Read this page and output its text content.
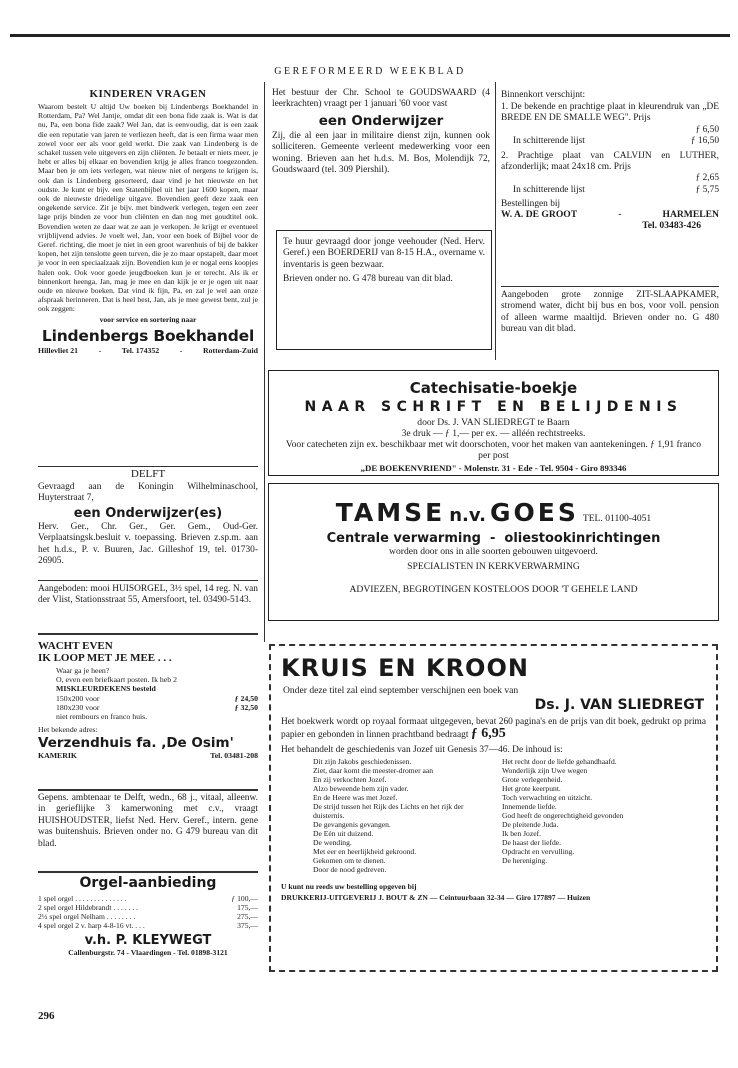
GEREFORMEERD WEEKBLAD
KINDEREN VRAGEN

Waarom bestelt U altijd Uw boeken bij Lindenbergs Boekhandel in Rotterdam, Pa? Wel Jantje, omdat dit een bona fide zaak is. Wat is dat nu, Pa, een bona fide zaak? Wel Jan, dat is eenvoudig, dat is een zaak die een reputatie van jaren te verliezen heeft, dat is een firma waar men zowel voor eer als voor geld werkt. Die zaak van Lindenberg is de schakel tussen vele uitgevers en zijn cliënten. Je betaalt er niets meer, je hebt er alles bij elkaar en bovendien krijg je alles franco toegezonden. Maar ben je om iets verlegen, wat nieuw niet of nergens te krijgen is, ook dan is Lindenberg gesorteerd, daar vind je het nieuwste en het oudste. Je kunt er bijv. een Statenbijbel uit het jaar 1600 kopen, maar ook de nieuwste driedelige uitgave. Bovendien geeft deze zaak een ongekende service. Zit je bijv. met bindwerk verlegen, tegen een zeer lage prijs binden ze voor hun cliënten en dan nog met goudtitel ook. Bovendien weten ze daar wat ze aan je verkopen. Je krijgt er eventueel vrijblijvend advies. Je voelt wel, Jan, voor een boek of Bijbel voor de Geref. richting, die moet je niet in een groot warenhuis of bij de bakker kopen, het zijn tenslotte geen turven, die je zo maar opstapelt, daar moet je voor in een speciaalzaak zijn. Bovendien kun je er nogal eens koopjes halen ook. Ook voor goede jeugdboeken kun je er terecht. Als ik er binnenkort heenga, Jan, mag je mee en dan kijk je er je ogen uit naar oude en nieuwe boeken. Dat vind ik fijn, Pa, en zal je wel aan onze afspraak herinneren. Dat is heel best, Jan, als je mee gewest bent, zul je ook zeggen:

voor service en sortering naar
Lindenbergs Boekhandel
Hillevliet 21	-	Tel. 174352	-	Rotterdam-Zuid
DELFT

Gevraagd aan de Koningin Wilhelminaschool, Huyterstraat 7,

een Onderwijzer(es)

Herv. Ger., Chr. Ger., Ger. Gem., Oud-Ger. Verplaatsingsk.besluit v. toepassing. Brieven z.sp.m. aan het h.d.s., P. v. Buuren, Jac. Gilleshof 19, tel. 01730-26905.

Aangeboden: mooi HUISORGEL, 3½ spel, 14 reg. N. van der Vlist, Stationsstraat 55, Amersfoort, tel. 03490-5143.

WACHT EVEN
IK LOOP MET JE MEE . . .
Waar ga je heen?
O, even een briefkaart posten. Ik heb 2
MISKLEURDEKENS besteld
150x200 voor	ƒ 24,50
180x230 voor	ƒ 32,50
niet rembours en franco huis.
Het bekende adres:
Verzendhuis fa. ,De Osim'
KAMERIK	Tel. 03481-208

Gepens. ambtenaar te Delft, wedn., 68 j., vitaal, alleenw. in gerieflijke 3 kamerwoning met c.v., vraagt HUISHOUDSTER, liefst Ned. Herv. Geref., intern. gene was buitenshuis. Brieven onder no. G 479 bureau van dit blad.

Orgel-aanbieding
1 spel orgel . . . . . . . . . . . . . .	ƒ 100,—
2 spel orgel Hildebrandt . . . . . . .	175,—
2½ spel orgel Nelham . . . . . . . .	275,—
4 spel orgel 2 v. harp 4-8-16 vt. . . .	375,—
v.h. P. KLEYWEGT
Callenburgstr. 74 - Vlaardingen - Tel. 01898-3121
296

Het bestuur der Chr. School te GOUDSWAARD (4 leerkrachten) vraagt per 1 januari '60 voor vast

een Onderwijzer

Zij, die al een jaar in militaire dienst zijn, kunnen ook solliciteren. Gemeente verleent medewerking voor een woning. Brieven aan het h.d.s. M. Bos, Molendijk 72, Goudswaard (tel. 309 Piershil).

Te huur gevraagd door jonge veehouder (Ned. Herv. Geref.) een BOERDERIJ van 8-15 H.A., overname v. inventaris is geen bezwaar.

Brieven onder no. G 478 bureau van dit blad.

Binnenkort verschijnt:

1. De bekende en prachtige plaat in kleurendruk van „DE BREDE EN DE SMALLE WEG". Prijs

ƒ 6,50
In schitterende lijst	ƒ 16,50

2. Prachtige plaat van CALVIJN en LUTHER, afzonderlijk; maat 24x18 cm. Prijs

ƒ 2,65
In schitterende lijst	ƒ 5,75
Bestellingen bij
W. A. DE GROOT	-	HARMELEN
Tel. 03483-426

Aangeboden grote zonnige ZIT-SLAAPKAMER, stromend water, dicht bij bus en bos, voor voll. pension of alleen warme maaltijd. Brieven onder no. G 480 bureau van dit blad.

Catechisatie-boekje
NAAR SCHRIFT EN BELIJDENIS
door Ds. J. VAN SLIEDREGT te Baarn
3e druk — ƒ 1,— per ex. — alléén rechtstreeks.
Voor catecheten zijn ex. beschikbaar met wit doorschoten, voor het maken van aantekeningen. ƒ 1,91 franco per post
„DE BOEKENVRIEND" - Molenstr. 31 - Ede - Tel. 9504 - Giro 893346
TAMSE n.v. GOES TEL. 01100-4051
Centrale verwarming  -  oliestookinrichtingen
worden door ons in alle soorten gebouwen uitgevoerd.
SPECIALISTEN IN KERKVERWARMING
ADVIEZEN, BEGROTINGEN KOSTELOOS DOOR 'T GEHELE LAND
KRUIS EN KROON
Onder deze titel zal eind september verschijnen een boek van
Ds. J. VAN SLIEDREGT
Het boekwerk wordt op royaal formaat uitgegeven, bevat 260 pagina's en de prijs van dit boek, gedrukt op prima papier en gebonden in linnen prachtband bedraagt ƒ 6,95
Het behandelt de geschiedenis van Jozef uit Genesis 37—46. De inhoud is:
Dit zijn Jakobs geschiedenissen.
Ziet, daar komt die meester-dromer aan
En zij verkochten Jozef.
Alzo beweende hem zijn vader.
En de Heere was met Jozef.
De strijd tussen het Rijk des Lichts en het rijk der duisternis.
De gevangenis gevangen.
De Eén uit duizend.
De wending.
Met eer en heerlijkheid gekroond.
Gekomen om te dienen.
Door de nood gedreven.
Het recht door de liefde gehandhaafd.
Wonderlijk zijn Uwe wegen
Grote verlegenheid.
Het grote keerpunt.
Toch verwachting en uitzicht.
Innemende liefde.
God heeft de ongerechtigheid gevonden
De pleitende Juda.
Ik ben Jozef.
De haast der liefde.
Opdracht en vervulling.
De hereniging.
U kunt nu reeds uw bestelling opgeven bij
DRUKKERIJ-UITGEVERIJ J. BOUT & ZN — Ceintuurbaan 32-34 — Giro 177897 — Huizen
